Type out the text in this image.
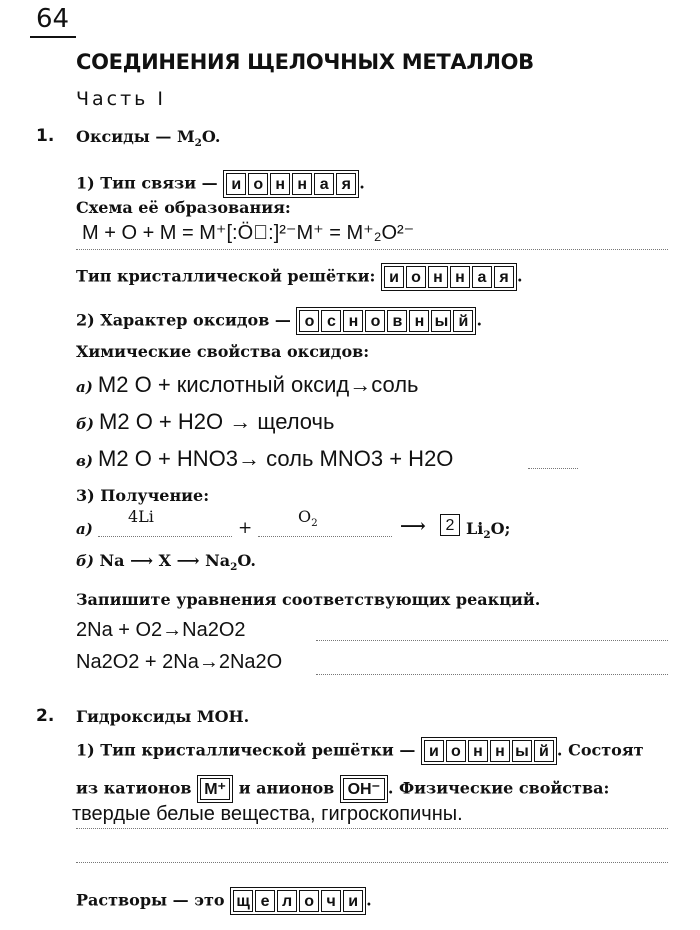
64
СОЕДИНЕНИЯ ЩЕЛОЧНЫХ МЕТАЛЛОВ
Часть I
1. Оксиды — $M_2O$.
1) Тип связи — и о н н а я .
Схема её образования:
M + O + M = M⁺[:Ö⃞:]²⁻M⁺ = M⁺₂O²⁻
Тип кристаллической решётки: и о н н а я .
2) Характер оксидов — о с н о в н ы й .
Химические свойства оксидов:
а) M2 O + кислотный оксид→соль
б) M2 O + H2O → щелочь
в) M2 O + HNO3→ соль MNO3 + H2O
3) Получение:
а)
4Li
+
$O_2$	⟶	2 $Li_2O$;
б) Na ⟶ X ⟶ $Na_2O$.
Запишите уравнения соответствующих реакций.
2Na + O2→Na2O2
Na2O2 + 2Na→2Na2O
2. Гидроксиды MOH.
1) Тип кристаллической решётки — и о н н ы й . Состоят
из катионов M⁺ и анионов OH⁻ . Физические свойства:
твердые белые вещества, гигроскопичны.
Растворы — это щ е л о ч и .
